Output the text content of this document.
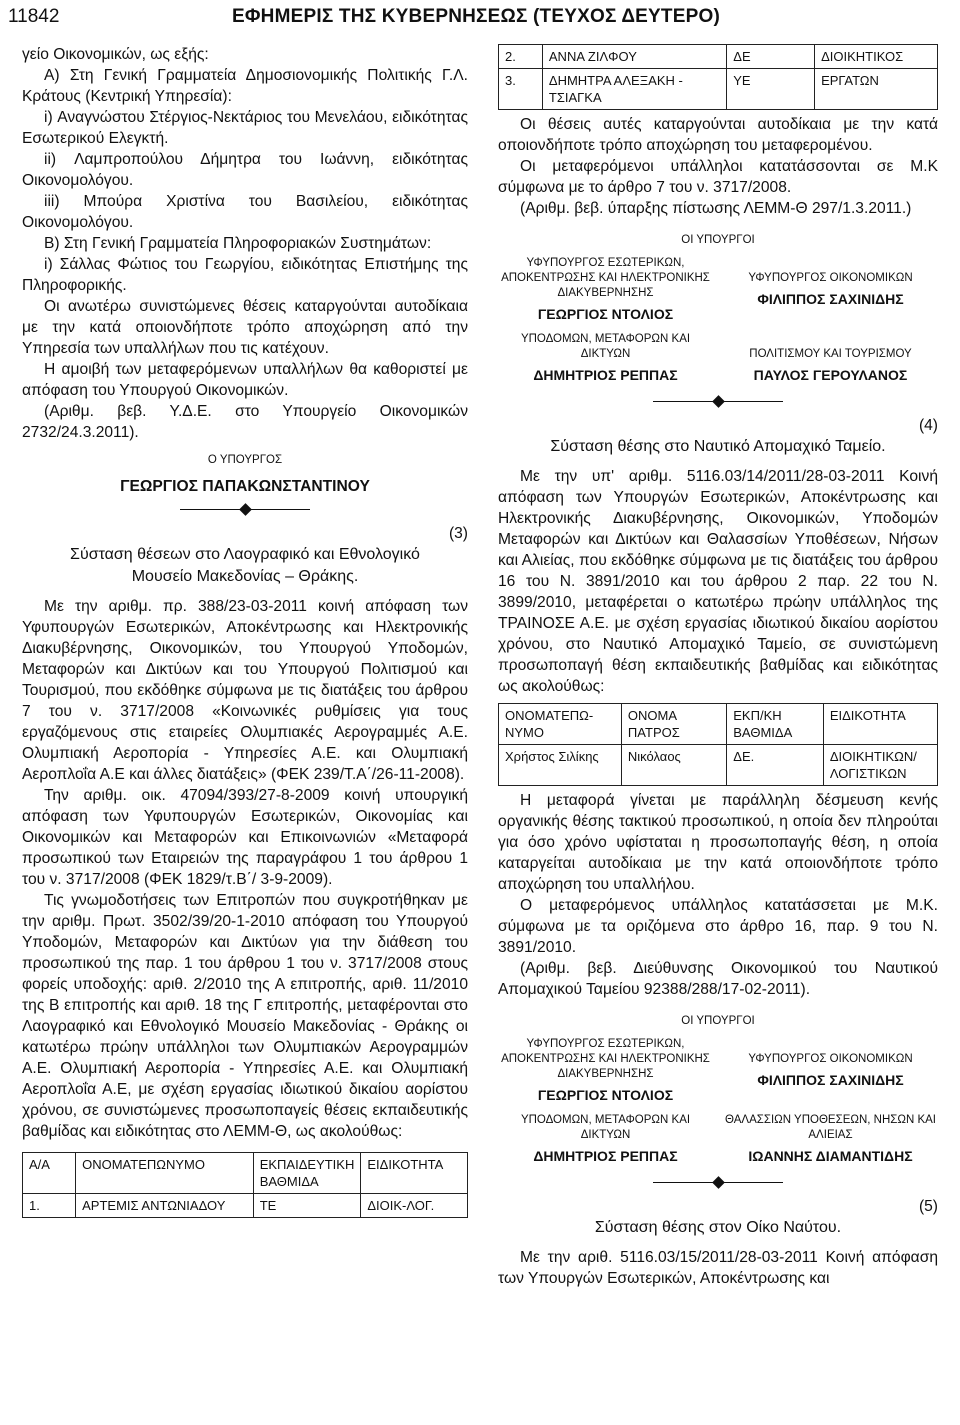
11842	ΕΦΗΜΕΡΙΣ ΤΗΣ ΚΥΒΕΡΝΗΣΕΩΣ (ΤΕΥΧΟΣ ΔΕΥΤΕΡΟ)
γείο Οικονομικών, ως εξής:
Α) Στη Γενική Γραμματεία Δημοσιονομικής Πολιτικής Γ.Λ. Κράτους (Κεντρική Υπηρεσία):
i) Αναγνώστου Στέργιος-Νεκτάριος του Μενελάου, ειδικότητας Εσωτερικού Ελεγκτή.
ii) Λαμπροπούλου Δήμητρα του Ιωάννη, ειδικότητας Οικονομολόγου.
iii) Μπούρα Χριστίνα του Βασιλείου, ειδικότητας Οικονομολόγου.
Β) Στη Γενική Γραμματεία Πληροφοριακών Συστημάτων:
i) Σάλλας Φώτιος του Γεωργίου, ειδικότητας Επιστήμης της Πληροφορικής.
Οι ανωτέρω συνιστώμενες θέσεις καταργούνται αυτοδίκαια με την κατά οποιονδήποτε τρόπο αποχώρηση από την Υπηρεσία των υπαλλήλων που τις κατέχουν.
Η αμοιβή των μεταφερόμενων υπαλλήλων θα καθοριστεί με απόφαση του Υπουργού Οικονομικών.
(Αριθμ. βεβ. Υ.Δ.Ε. στο Υπουργείο Οικονομικών 2732/24.3.2011).
Ο ΥΠΟΥΡΓΟΣ
ΓΕΩΡΓΙΟΣ ΠΑΠΑΚΩΝΣΤΑΝΤΙΝΟΥ
(3)
Σύσταση θέσεων στο Λαογραφικό και Εθνολογικό Μουσείο Μακεδονίας – Θράκης.
Με την αριθμ. πρ. 388/23-03-2011 κοινή απόφαση των Υφυπουργών Εσωτερικών, Αποκέντρωσης και Ηλεκτρονικής Διακυβέρνησης, Οικονομικών, του Υπουργού Υποδομών, Μεταφορών και Δικτύων και του Υπουργού Πολιτισμού και Τουρισμού, που εκδόθηκε σύμφωνα με τις διατάξεις του άρθρου 7 του ν. 3717/2008 «Κοινωνικές ρυθμίσεις για τους εργαζόμενους στις εταιρείες Ολυμπιακές Αερογραμμές Α.Ε. Ολυμπιακή Αεροπορία - Υπηρεσίες Α.Ε. και Ολυμπιακή Αεροπλοΐα Α.Ε και άλλες διατάξεις» (ΦΕΚ 239/Τ.Α΄/26-11-2008).
Την αριθμ. οικ. 47094/393/27-8-2009 κοινή υπουργική απόφαση των Υφυπουργών Εσωτερικών, Οικονομίας και Οικονομικών και Μεταφορών και Επικοινωνιών «Μεταφορά προσωπικού των Εταιρειών της παραγράφου 1 του άρθρου 1 του ν. 3717/2008 (ΦΕΚ 1829/τ.Β΄/ 3-9-2009).
Τις γνωμοδοτήσεις των Επιτροπών που συγκροτήθηκαν με την αριθμ. Πρωτ. 3502/39/20-1-2010 απόφαση του Υπουργού Υποδομών, Μεταφορών και Δικτύων για την διάθεση του προσωπικού της παρ. 1 του άρθρου 1 του ν. 3717/2008 στους φορείς υποδοχής: αριθ. 2/2010 της Α επιτροπής, αριθ. 11/2010 της Β επιτροπής και αριθ. 18 της Γ επιτροπής, μεταφέρονται στο Λαογραφικό και Εθνολογικό Μουσείο Μακεδονίας - Θράκης οι κατωτέρω πρώην υπάλληλοι των Ολυμπιακών Αερογραμμών Α.Ε. Ολυμπιακή Αεροπορία - Υπηρεσίες Α.Ε. και Ολυμπιακή Αεροπλοΐα Α.Ε, με σχέση εργασίας ιδιωτικού δικαίου αορίστου χρόνου, σε συνιστώμενες προσωποπαγείς θέσεις εκπαιδευτικής βαθμίδας και ειδικότητας στο ΛΕΜΜ-Θ, ως ακολούθως:
Α/Α	ΟΝΟΜΑΤΕΠΩΝΥΜΟ	ΕΚΠΑΙΔΕΥΤΙΚΗ ΒΑΘΜΙΔΑ	ΕΙΔΙΚΟΤΗΤΑ
1.	ΑΡΤΕΜΙΣ ΑΝΤΩΝΙΑΔΟΥ	ΤΕ	ΔΙΟΙΚ-ΛΟΓ.
2.	ΑΝΝΑ ΖΙΛΦΟΥ	ΔΕ	ΔΙΟΙΚΗΤΙΚΟΣ
3.	ΔΗΜΗΤΡΑ ΑΛΕΞΑΚΗ - ΤΣΙΑΓΚΑ	ΥΕ	ΕΡΓΑΤΩΝ
Οι θέσεις αυτές καταργούνται αυτοδίκαια με την κατά οποιονδήποτε τρόπο αποχώρηση του μεταφερομένου.
Οι μεταφερόμενοι υπάλληλοι κατατάσσονται σε Μ.Κ σύμφωνα με το άρθρο 7 του ν. 3717/2008.
(Αριθμ. βεβ. ύπαρξης πίστωσης ΛΕΜΜ-Θ 297/1.3.2011.)
ΟΙ ΥΠΟΥΡΓΟΙ
ΥΦΥΠΟΥΡΓΟΣ ΕΣΩΤΕΡΙΚΩΝ, ΑΠΟΚΕΝΤΡΩΣΗΣ ΚΑΙ ΗΛΕΚΤΡΟΝΙΚΗΣ ΔΙΑΚΥΒΕΡΝΗΣΗΣ
ΓΕΩΡΓΙΟΣ ΝΤΟΛΙΟΣ
ΥΦΥΠΟΥΡΓΟΣ ΟΙΚΟΝΟΜΙΚΩΝ
ΦΙΛΙΠΠΟΣ ΣΑΧΙΝΙΔΗΣ
ΥΠΟΔΟΜΩΝ, ΜΕΤΑΦΟΡΩΝ ΚΑΙ ΔΙΚΤΥΩΝ
ΔΗΜΗΤΡΙΟΣ ΡΕΠΠΑΣ
ΠΟΛΙΤΙΣΜΟΥ ΚΑΙ ΤΟΥΡΙΣΜΟΥ
ΠΑΥΛΟΣ ΓΕΡΟΥΛΑΝΟΣ
(4)
Σύσταση θέσης στο Ναυτικό Απομαχικό Ταμείο.
Με την υπ' αριθμ. 5116.03/14/2011/28-03-2011 Κοινή απόφαση των Υπουργών Εσωτερικών, Αποκέντρωσης και Ηλεκτρονικής Διακυβέρνησης, Οικονομικών, Υποδομών Μεταφορών και Δικτύων και Θαλασσίων Υποθέσεων, Νήσων και Αλιείας, που εκδόθηκε σύμφωνα με τις διατάξεις του άρθρου 16 του Ν. 3891/2010 και του άρθρου 2 παρ. 22 του Ν. 3899/2010, μεταφέρεται ο κατωτέρω πρώην υπάλληλος της ΤΡΑΙΝΟΣΕ Α.Ε. με σχέση εργασίας ιδιωτικού δικαίου αορίστου χρόνου, στο Ναυτικό Απομαχικό Ταμείο, σε συνιστώμενη προσωποπαγή θέση εκπαιδευτικής βαθμίδας και ειδικότητας ως ακολούθως:
ΟΝΟΜΑΤΕΠΩ-ΝΥΜΟ	ΟΝΟΜΑ ΠΑΤΡΟΣ	ΕΚΠ/ΚΗ ΒΑΘΜΙΔΑ	ΕΙΔΙΚΟΤΗΤΑ
Χρήστος Σιλίκης	Νικόλαος	ΔΕ.	ΔΙΟΙΚΗΤΙΚΩΝ/ ΛΟΓΙΣΤΙΚΩΝ
Η μεταφορά γίνεται με παράλληλη δέσμευση κενής οργανικής θέσης τακτικού προσωπικού, η οποία δεν πληρούται για όσο χρόνο υφίσταται η προσωποπαγής θέση, η οποία καταργείται αυτοδίκαια με την κατά οποιονδήποτε τρόπο αποχώρηση του υπαλλήλου.
Ο μεταφερόμενος υπάλληλος κατατάσσεται με Μ.Κ. σύμφωνα με τα οριζόμενα στο άρθρο 16, παρ. 9 του Ν. 3891/2010.
(Αριθμ. βεβ. Διεύθυνσης Οικονομικού του Ναυτικού Απομαχικού Ταμείου 92388/288/17-02-2011).
ΟΙ ΥΠΟΥΡΓΟΙ
ΥΦΥΠΟΥΡΓΟΣ ΕΣΩΤΕΡΙΚΩΝ, ΑΠΟΚΕΝΤΡΩΣΗΣ ΚΑΙ ΗΛΕΚΤΡΟΝΙΚΗΣ ΔΙΑΚΥΒΕΡΝΗΣΗΣ
ΓΕΩΡΓΙΟΣ ΝΤΟΛΙΟΣ
ΥΦΥΠΟΥΡΓΟΣ ΟΙΚΟΝΟΜΙΚΩΝ
ΦΙΛΙΠΠΟΣ ΣΑΧΙΝΙΔΗΣ
ΥΠΟΔΟΜΩΝ, ΜΕΤΑΦΟΡΩΝ ΚΑΙ ΔΙΚΤΥΩΝ
ΔΗΜΗΤΡΙΟΣ ΡΕΠΠΑΣ
ΘΑΛΑΣΣΙΩΝ ΥΠΟΘΕΣΕΩΝ, ΝΗΣΩΝ ΚΑΙ ΑΛΙΕΙΑΣ
ΙΩΑΝΝΗΣ ΔΙΑΜΑΝΤΙΔΗΣ
(5)
Σύσταση θέσης στον Οίκο Ναύτου.
Με την αριθ. 5116.03/15/2011/28-03-2011 Κοινή απόφαση των Υπουργών Εσωτερικών, Αποκέντρωσης και
